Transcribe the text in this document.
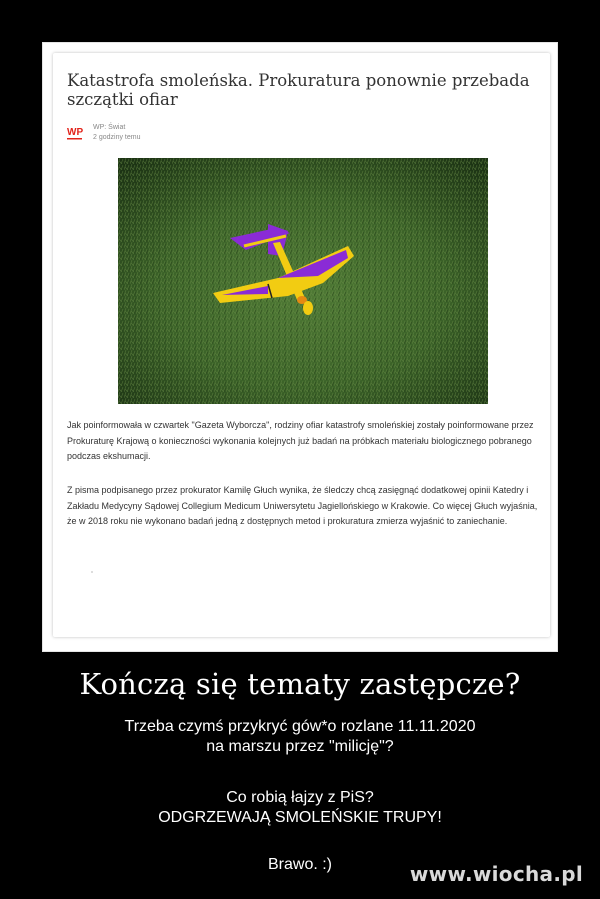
Katastrofa smoleńska. Prokuratura ponownie przebada szczątki ofiar
WP WP: Świat
2 godziny temu

Jak poinformowała w czwartek "Gazeta Wyborcza", rodziny ofiar katastrofy smoleńskiej zostały poinformowane przez Prokuraturę Krajową o konieczności wykonania kolejnych już badań na próbkach materiału biologicznego pobranego podczas ekshumacji.

Z pisma podpisanego przez prokurator Kamilę Głuch wynika, że śledczy chcą zasięgnąć dodatkowej opinii Katedry i Zakładu Medycyny Sądowej Collegium Medicum Uniwersytetu Jagiellońskiego w Krakowie. Co więcej Głuch wyjaśnia, że w 2018 roku nie wykonano badań jedną z dostępnych metod i prokuratura zmierza wyjaśnić to zaniechanie.

Kończą się tematy zastępcze?

Trzeba czymś przykryć gów*o rozlane 11.11.2020

na marszu przez "milicję"?

Co robią łajzy z PiS?

ODGRZEWAJĄ SMOLEŃSKIE TRUPY!

Brawo. :)	www.wiocha.pl
